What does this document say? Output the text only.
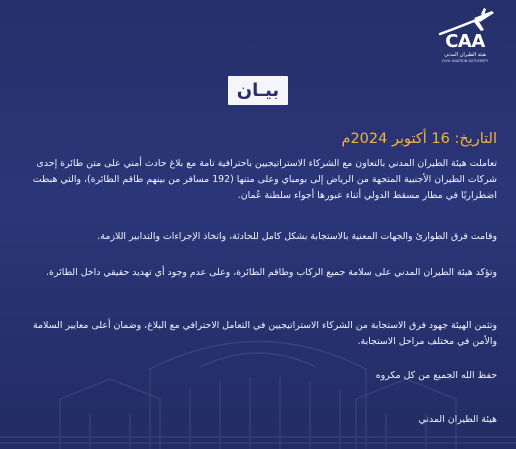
CAA
هيئة الطيران المدني
CIVIL AVIATION AUTHORITY
بيـان
التاريخ: 16 أكتوبر 2024م
تعاملت هيئة الطيران المدني بالتعاون مع الشركاء الاستراتيجيين باحترافية تامة مع بلاغ حادث أمني على متن طائرة إحدى شركات الطيران الأجنبية المتجهة من الرياض إلى بومباي وعلى متنها (192 مسافر من بينهم طاقم الطائرة)، والتي هبطت اضطراريًا في مطار مسقط الدولي أثناء عبورها أجواء سلطنة عُمان.
وقامت فرق الطوارئ والجهات المعنية بالاستجابة بشكل كامل للحادثة، واتخاذ الإجراءات والتدابير اللازمة.
وتؤكد هيئة الطيران المدني على سلامة جميع الركاب وطاقم الطائرة، وعلى عدم وجود أي تهديد حقيقي داخل الطائرة.
وتثمن الهيئة جهود فرق الاستجابة من الشركاء الاستراتيجيين في التعامل الاحترافي مع البلاغ، وضمان أعلى معايير السلامة والأمن في مختلف مراحل الاستجابة.
حفظ الله الجميع من كل مكروه
هيئة الطيران المدني
